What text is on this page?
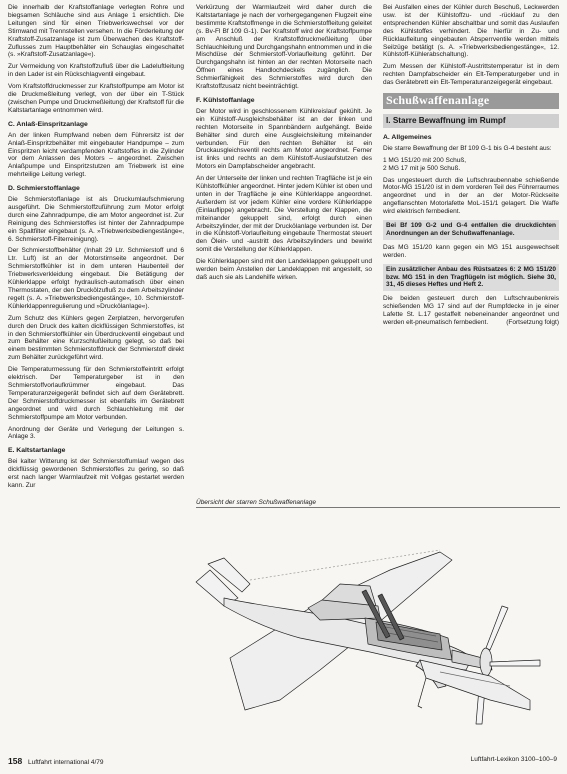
Die innerhalb der Kraftstoffanlage verlegten Rohre und biegsamen Schläuche sind aus Anlage 1 ersichtlich. Die Leitungen sind für einen Triebwerkswechsel vor der Stirnwand mit Trennstellen versehen. In die Förderleitung der Kraftstoff-Zusatzanlage ist zum Überwachen des Kraftstoff-Zuflusses zum Hauptbehälter ein Schauglas eingeschaltet (s. »Kraftstoff-Zusatzanlage«).

Zur Vermeidung von Kraftstoffzufluß über die Ladeluftleitung in den Lader ist ein Rückschlagventil eingebaut.

Vom Kraftstoffdruckmesser zur Kraftstoffpumpe am Motor ist die Druckmeßleitung verlegt, von der über ein T-Stück (zwischen Pumpe und Druckmeßleitung) der Kraftstoff für die Kaltstartanlage entnommen wird.

C. Anlaß-Einspritzanlage

An der linken Rumpfwand neben dem Führersitz ist der Anlaß-Einspritzbehälter mit eingebauter Handpumpe – zum Einspritzen leicht verdampfenden Kraftstoffes in die Zylinder vor dem Anlassen des Motors – angeordnet. Zwischen Anlaßpumpe und Einspritzstutzen am Triebwerk ist eine mehrteilige Leitung verlegt.

D. Schmierstoffanlage

Die Schmierstoffanlage ist als Druckumlaufschmierung ausgeführt. Die Schmierstoffzuführung zum Motor erfolgt durch eine Zahnradpumpe, die am Motor angeordnet ist. Zur Reinigung des Schmierstoffes ist hinter der Zahnradpumpe ein Spaltfilter eingebaut (s. A. »Triebwerksbediengestänge«, 6. Schmierstoff-Filterreinigung).

Der Schmierstoffbehälter (Inhalt 29 Ltr. Schmierstoff und 6 Ltr. Luft) ist an der Motorstirnseite angeordnet. Der Schmierstoffkühler ist in dem unteren Haubenteil der Triebwerksverkleidung eingebaut. Die Betätigung der Kühlerklappe erfolgt hydraulisch-automatisch über einen Thermostaten, der den Druckölzufluß zu dem Arbeitszylinder regelt (s. A. »Triebwerksbediengestänge«, 10. Schmierstoff-Kühlerklappenregulierung und »Druckölanlage«).

Zum Schutz des Kühlers gegen Zerplatzen, hervorgerufen durch den Druck des kalten dickflüssigen Schmierstoffes, ist in den Schmierstoffkühler ein Überdruckventil eingebaut und zum Behälter eine Kurzschlußleitung gelegt, so daß bei einem bestimmten Schmierstoffdruck der Schmierstoff direkt zum Behälter zurückgeführt wird.

Die Temperaturmessung für den Schmierstoffeintritt erfolgt elektrisch. Der Temperaturgeber ist in den Schmierstoffvorlaufkrümmer eingebaut. Das Temperaturanzeigegerät befindet sich auf dem Gerätebrett. Der Schmierstoffdruckmesser ist ebenfalls im Gerätebrett angeordnet und wird durch Schlauchleitung mit der Schmierstoffpumpe am Motor verbunden.

Anordnung der Geräte und Verlegung der Leitungen s. Anlage 3.

E. Kaltstartanlage

Bei kalter Witterung ist der Schmierstoffumlauf wegen des dickflüssig gewordenen Schmierstoffes zu gering, so daß erst nach langer Warmlaufzeit mit Vollgas gestartet werden kann. Zur

Verkürzung der Warmlaufzeit wird daher durch die Kaltstartanlage je nach der vorhergegangenen Flugzeit eine bestimmte Kraftstoffmenge in die Schmierstoffleitung geleitet (s. Bv-Fl Bf 109 G-1). Der Kraftstoff wird der Kraftstoffpumpe am Anschluß der Kraftstoffdruckmeßleitung über Schlauchleitung und Durchgangshahn entnommen und in die Mischdüse der Schmierstoff-Vorlaufleitung geführt. Der Durchgangshahn ist hinten an der rechten Motorseite nach Öffnen eines Handlochdeckels zugänglich. Die Schmierfähigkeit des Schmierstoffes wird durch den Kraftstoffzusatz nicht beeinträchtigt.

F. Kühlstoffanlage

Der Motor wird in geschlossenem Kühlkreislauf gekühlt. Je ein Kühlstoff-Ausgleichsbehälter ist an der linken und rechten Motorseite in Spannbändern aufgehängt. Beide Behälter sind durch eine Ausgleichsleitung miteinander verbunden. Für den rechten Behälter ist ein Druckausgleichsventil rechts am Motor angeordnet. Ferner ist links und rechts an dem Kühlstoff-Auslaufstutzen des Motors ein Dampfabscheider angebracht.

An der Unterseite der linken und rechten Tragfläche ist je ein Kühlstoffkühler angeordnet. Hinter jedem Kühler ist oben und unten in der Tragfläche je eine Kühlerklappe angeordnet. Außerdem ist vor jedem Kühler eine vordere Kühlerklappe (Einlauflippe) angebracht. Die Verstellung der Klappen, die miteinander gekuppelt sind, erfolgt durch einen Arbeitszylinder, der mit der Druckölanlage verbunden ist. Der in die Kühlstoff-Vorlaufleitung eingebaute Thermostat steuert den Ölein- und -austritt des Arbeitszylinders und bewirkt somit die Verstellung der Kühlerklappen.

Die Kühlerklappen sind mit den Landeklappen gekuppelt und werden beim Anstellen der Landeklappen mit angestellt, so daß auch sie als Landehilfe wirken.

Bei Ausfallen eines der Kühler durch Beschuß, Leckwerden usw. ist der Kühlstoffzu- und -rücklauf zu den entsprechenden Kühler abschaltbar und somit das Auslaufen des Kühlstoffes verhindert. Die hierfür in Zu- und Rücklaufleitung eingebauten Absperrventile werden mittels Seilzüge betätigt (s. A. »Triebwerksbediengestänge«, 12. Kühlstoff-Kühlerabschaltung).

Zum Messen der Kühlstoff-Austrittstemperatur ist in dem rechten Dampfabscheider ein Elt-Temperaturgeber und in das Gerätebrett ein Elt-Temperaturanzeigegerät eingebaut.

Schußwaffenanlage
I. Starre Bewaffnung im Rumpf
A. Allgemeines

Die starre Bewaffnung der Bf 109 G-1 bis G-4 besteht aus:

1 MG 151/20 mit 200 Schuß,

2 MG 17 mit je 500 Schuß.

Das ungesteuert durch die Luftschraubennabe schießende Motor-MG 151/20 ist in dem vorderen Teil des Führerraumes angeordnet und in der an der Motor-Rückseite angeflanschten Motorlafette MoL-151/1 gelagert. Die Waffe wird elektrisch fernbedient.

Bei Bf 109 G-2 und G-4 entfallen die druckdichten Anordnungen an der Schußwaffenanlage.

Das MG 151/20 kann gegen ein MG 151 ausgewechselt werden.

Ein zusätzlicher Anbau des Rüstsatzes 6: 2 MG 151/20 bzw. MG 151 in den Tragflügeln ist möglich. Siehe 30, 31, 45 dieses Heftes und Heft 2.

Die beiden gesteuert durch den Luftschraubenkreis schießenden MG 17 sind auf der Rumpfdecke in je einer Lafette St. L.17 gestaffelt nebeneinander angeordnet und werden elt-pneumatisch fernbedient.	(Fortsetzung folgt)

Übersicht der starren Schußwaffenanlage
158 Luftfahrt international 4/79	Luftfahrt-Lexikon 3100–100–9
